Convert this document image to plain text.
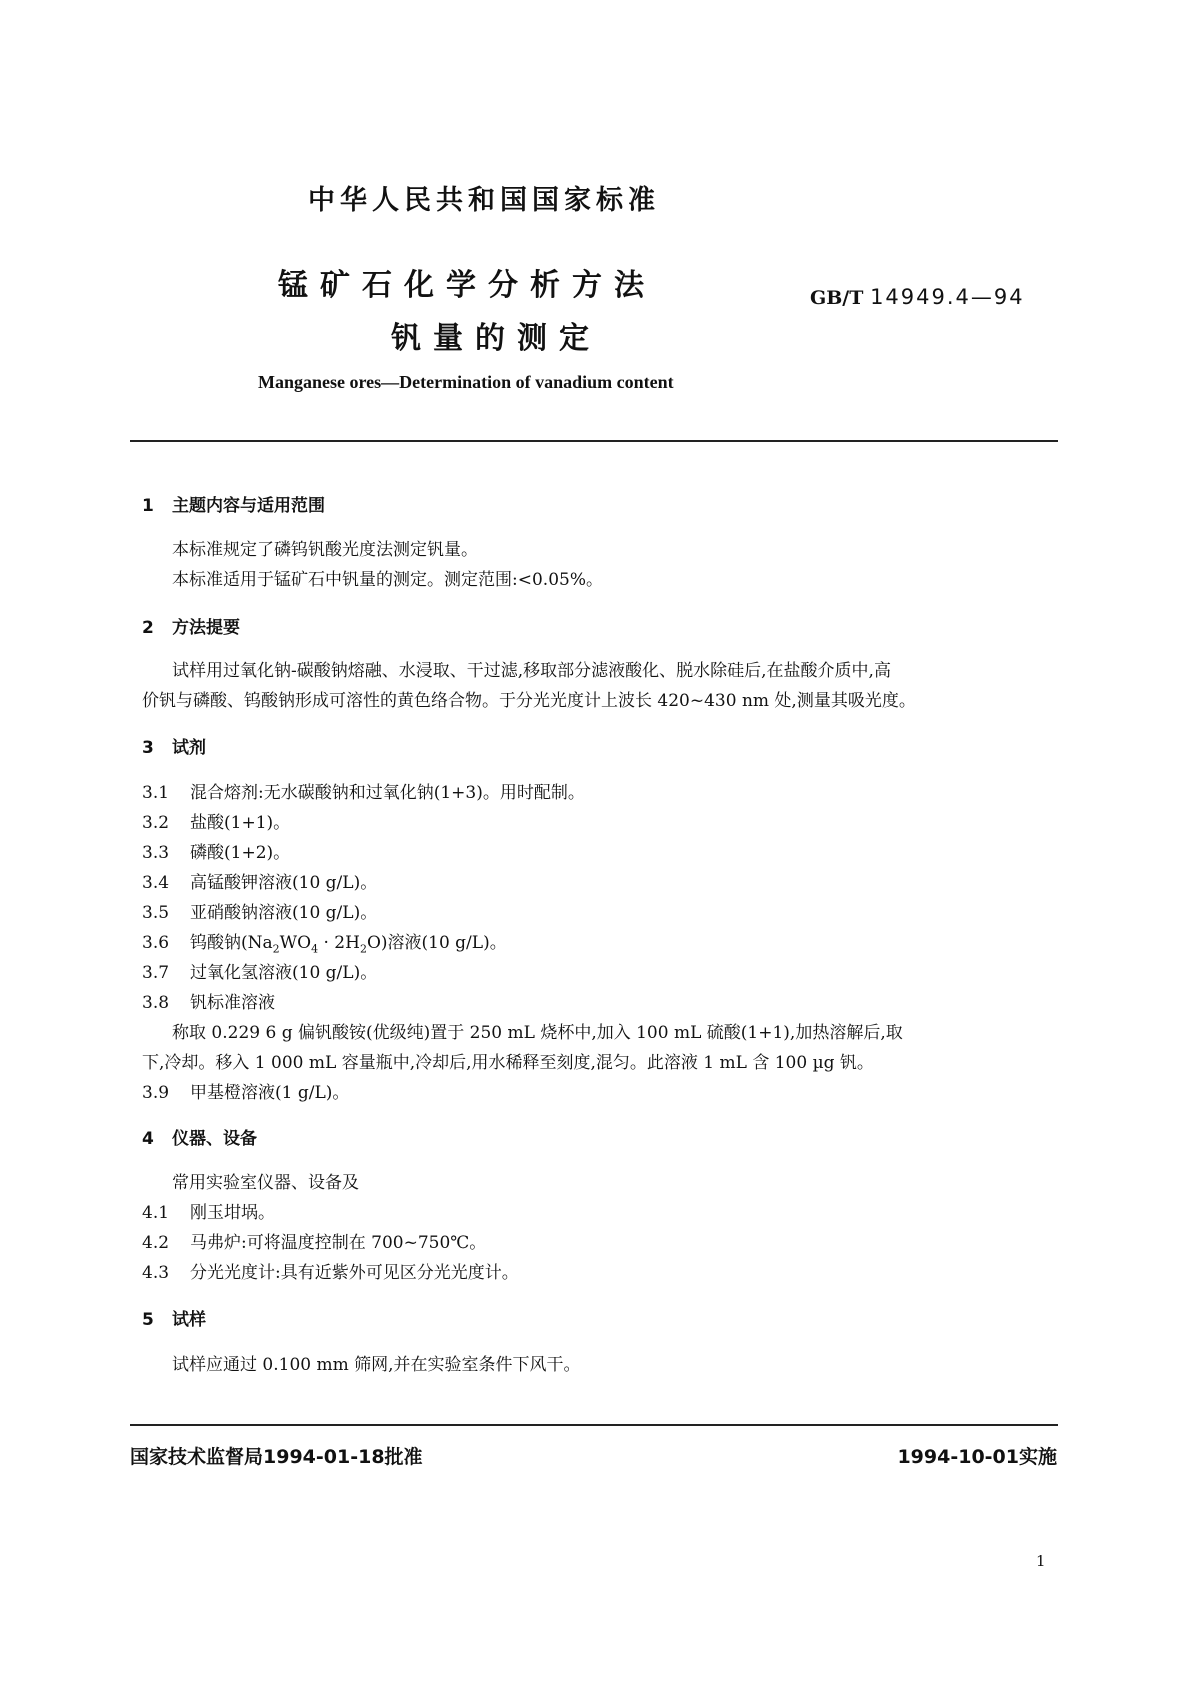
中华人民共和国国家标准
锰矿石化学分析方法
钒量的测定
GB/T 14949.4—94
Manganese ores—Determination of vanadium content
1 主题内容与适用范围
本标准规定了磷钨钒酸光度法测定钒量。
本标准适用于锰矿石中钒量的测定。测定范围:<0.05%。
2 方法提要
试样用过氧化钠-碳酸钠熔融、水浸取、干过滤,移取部分滤液酸化、脱水除硅后,在盐酸介质中,高
价钒与磷酸、钨酸钠形成可溶性的黄色络合物。于分光光度计上波长 420~430 nm 处,测量其吸光度。
3 试剂
3.1 混合熔剂:无水碳酸钠和过氧化钠(1+3)。用时配制。
3.2 盐酸(1+1)。
3.3 磷酸(1+2)。
3.4 高锰酸钾溶液(10 g/L)。
3.5 亚硝酸钠溶液(10 g/L)。
3.6 钨酸钠$(Na_2WO_4 \cdot 2H_2O)$溶液(10 g/L)。
3.7 过氧化氢溶液(10 g/L)。
3.8 钒标准溶液
称取 0.229 6 g 偏钒酸铵(优级纯)置于 250 mL 烧杯中,加入 100 mL 硫酸(1+1),加热溶解后,取
下,冷却。移入 1 000 mL 容量瓶中,冷却后,用水稀释至刻度,混匀。此溶液 1 mL 含 100 µg 钒。
3.9 甲基橙溶液(1 g/L)。
4 仪器、设备
常用实验室仪器、设备及
4.1 刚玉坩埚。
4.2 马弗炉:可将温度控制在 700~750℃。
4.3 分光光度计:具有近紫外可见区分光光度计。
5 试样
试样应通过 0.100 mm 筛网,并在实验室条件下风干。
国家技术监督局1994-01-18批准	1994-10-01实施
1
